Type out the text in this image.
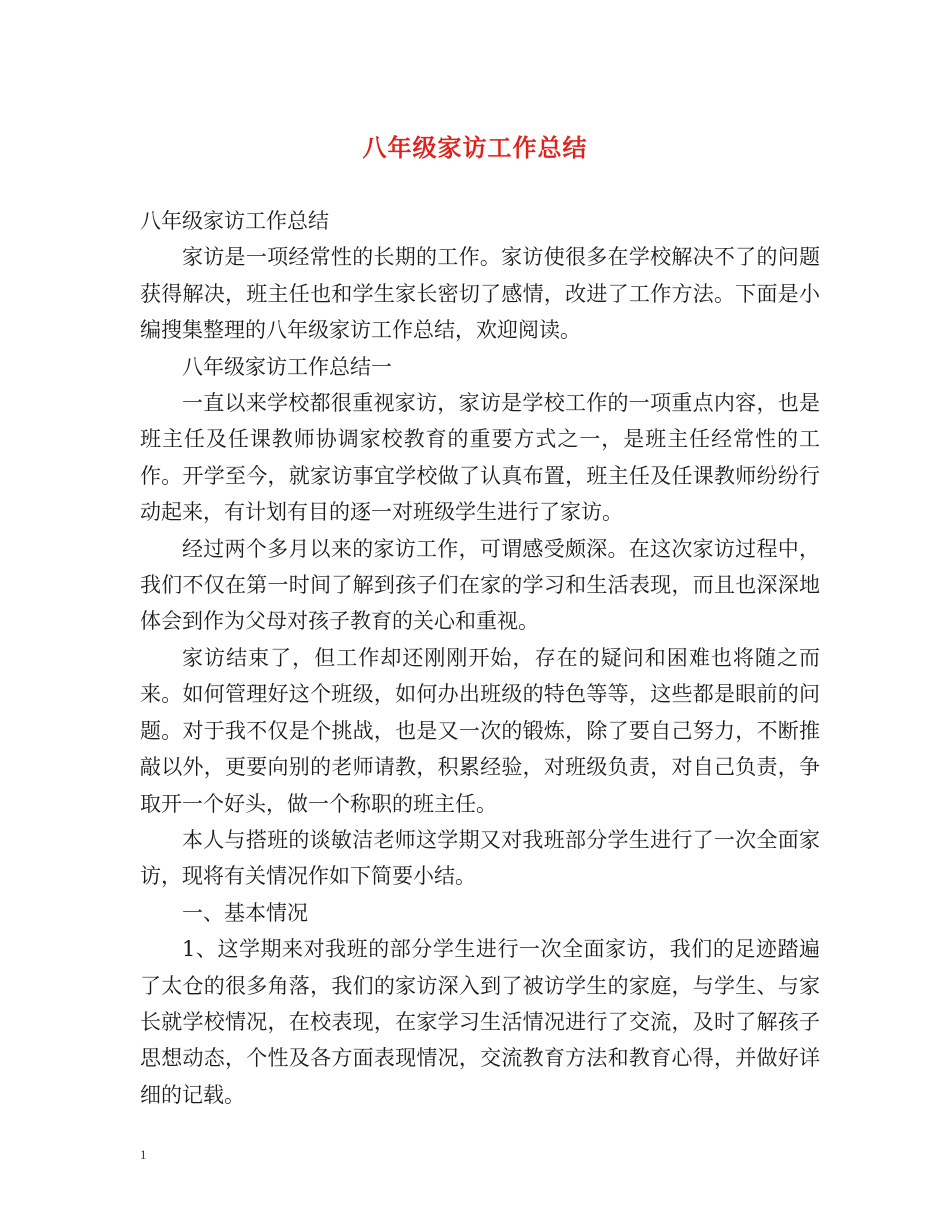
八年级家访工作总结

八年级家访工作总结

家访是一项经常性的长期的工作。家访使很多在学校解决不了的问题获得解决，班主任也和学生家长密切了感情，改进了工作方法。下面是小编搜集整理的八年级家访工作总结，欢迎阅读。

八年级家访工作总结一

一直以来学校都很重视家访，家访是学校工作的一项重点内容，也是班主任及任课教师协调家校教育的重要方式之一，是班主任经常性的工作。开学至今，就家访事宜学校做了认真布置，班主任及任课教师纷纷行动起来，有计划有目的逐一对班级学生进行了家访。

经过两个多月以来的家访工作，可谓感受颇深。在这次家访过程中，我们不仅在第一时间了解到孩子们在家的学习和生活表现，而且也深深地体会到作为父母对孩子教育的关心和重视。

家访结束了，但工作却还刚刚开始，存在的疑问和困难也将随之而来。如何管理好这个班级，如何办出班级的特色等等，这些都是眼前的问题。对于我不仅是个挑战，也是又一次的锻炼，除了要自己努力，不断推敲以外，更要向别的老师请教，积累经验，对班级负责，对自己负责，争取开一个好头，做一个称职的班主任。

本人与搭班的谈敏洁老师这学期又对我班部分学生进行了一次全面家访，现将有关情况作如下简要小结。

一、基本情况

1、这学期来对我班的部分学生进行一次全面家访，我们的足迹踏遍了太仓的很多角落，我们的家访深入到了被访学生的家庭，与学生、与家长就学校情况，在校表现，在家学习生活情况进行了交流，及时了解孩子思想动态，个性及各方面表现情况，交流教育方法和教育心得，并做好详细的记载。

1
